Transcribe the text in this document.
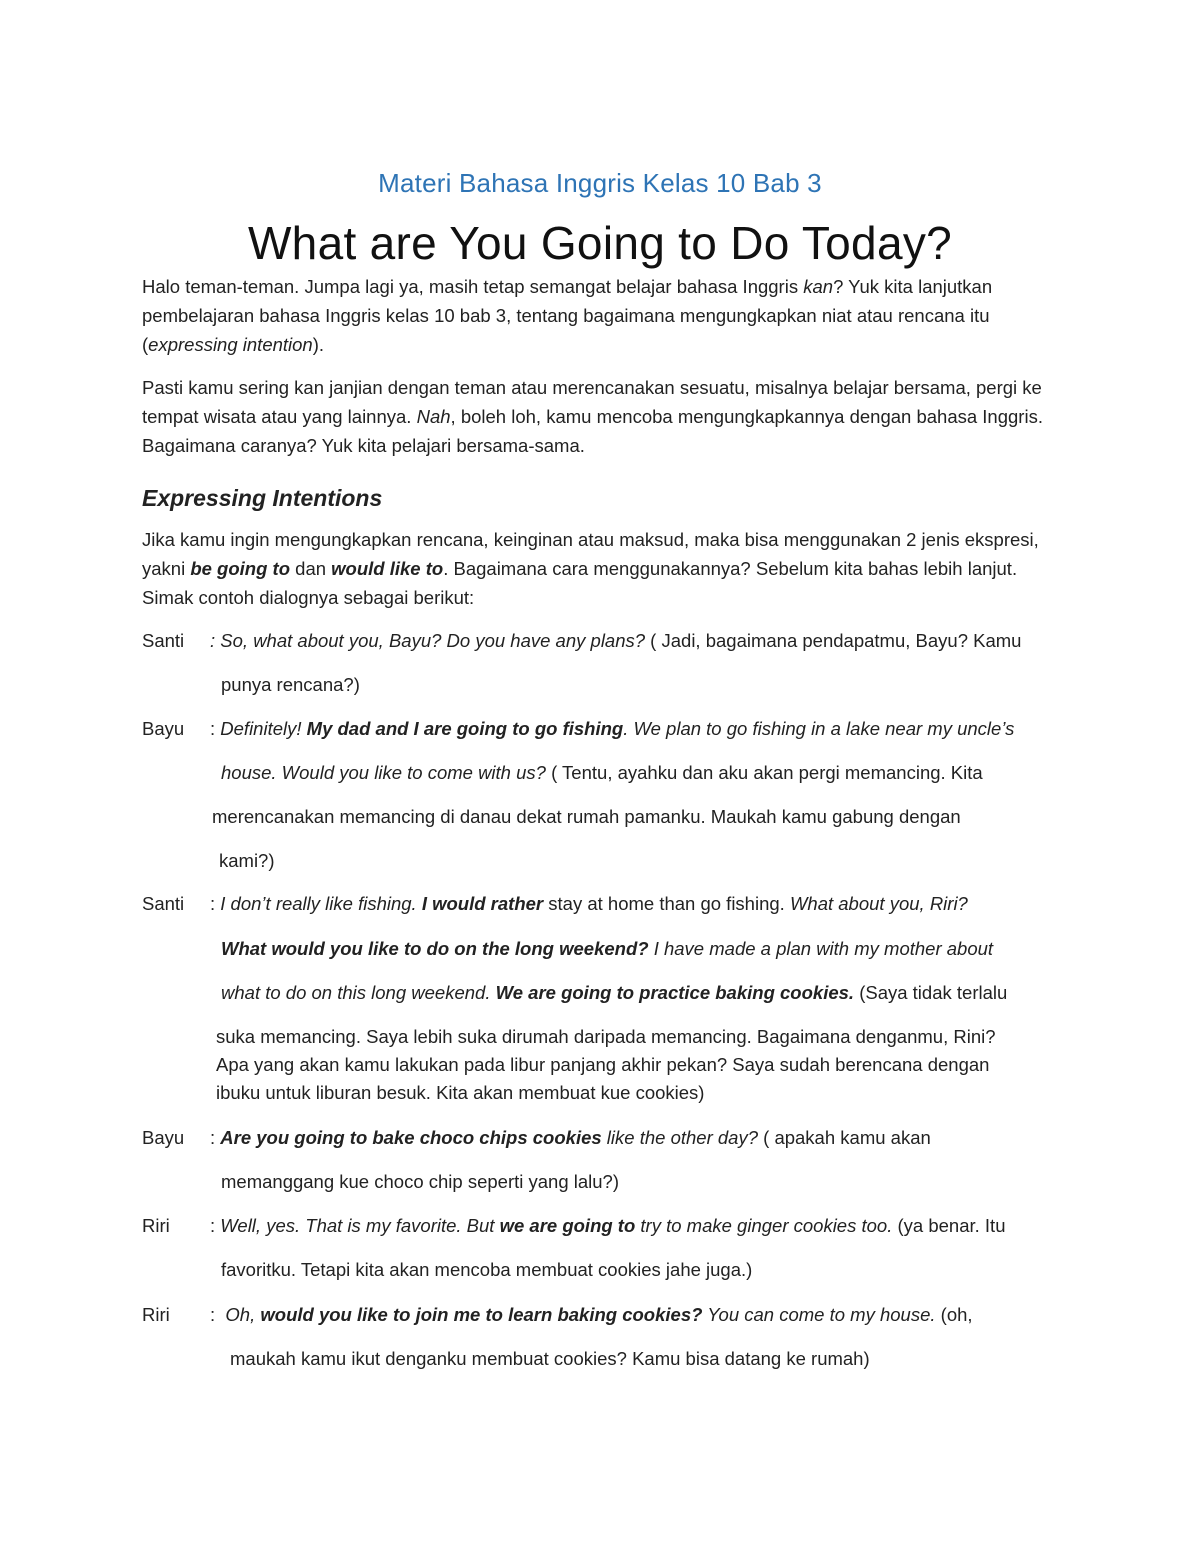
Materi Bahasa Inggris Kelas 10 Bab 3
What are You Going to Do Today?
Halo teman-teman. Jumpa lagi ya, masih tetap semangat belajar bahasa Inggris kan? Yuk kita lanjutkan pembelajaran bahasa Inggris kelas 10 bab 3, tentang bagaimana mengungkapkan niat atau rencana itu (expressing intention).
Pasti kamu sering kan janjian dengan teman atau merencanakan sesuatu, misalnya belajar bersama, pergi ke tempat wisata atau yang lainnya. Nah, boleh loh, kamu mencoba mengungkapkannya dengan bahasa Inggris. Bagaimana caranya? Yuk kita pelajari bersama-sama.
Expressing Intentions
Jika kamu ingin mengungkapkan rencana, keinginan atau maksud, maka bisa menggunakan 2 jenis ekspresi, yakni be going to dan would like to. Bagaimana cara menggunakannya? Sebelum kita bahas lebih lanjut. Simak contoh dialognya sebagai berikut:
Santi : So, what about you, Bayu? Do you have any plans? ( Jadi, bagaimana pendapatmu, Bayu? Kamu
punya rencana?)
Bayu : Definitely! My dad and I are going to go fishing. We plan to go fishing in a lake near my uncle’s
house. Would you like to come with us? ( Tentu, ayahku dan aku akan pergi memancing. Kita
merencanakan memancing di danau dekat rumah pamanku. Maukah kamu gabung dengan
kami?)
Santi : I don’t really like fishing. I would rather stay at home than go fishing. What about you, Riri?
What would you like to do on the long weekend? I have made a plan with my mother about
what to do on this long weekend. We are going to practice baking cookies. (Saya tidak terlalu
suka memancing. Saya lebih suka dirumah daripada memancing. Bagaimana denganmu, Rini?
Apa yang akan kamu lakukan pada libur panjang akhir pekan? Saya sudah berencana dengan
ibuku untuk liburan besuk. Kita akan membuat kue cookies)
Bayu : Are you going to bake choco chips cookies like the other day? ( apakah kamu akan
memanggang kue choco chip seperti yang lalu?)
Riri : Well, yes. That is my favorite. But we are going to try to make ginger cookies too. (ya benar. Itu
favoritku. Tetapi kita akan mencoba membuat cookies jahe juga.)
Riri :  Oh, would you like to join me to learn baking cookies? You can come to my house. (oh,
maukah kamu ikut denganku membuat cookies? Kamu bisa datang ke rumah)
